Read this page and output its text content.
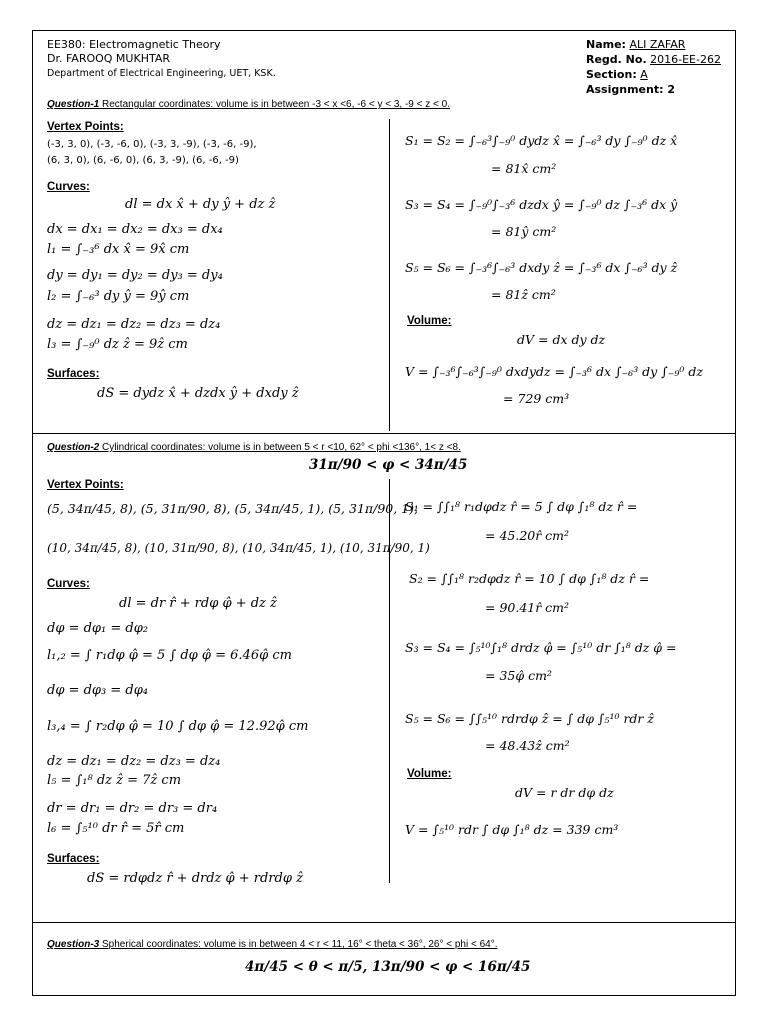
EE380: Electromagnetic Theory
Dr. FAROOQ MUKHTAR
Department of Electrical Engineering, UET, KSK.
Name: ALI ZAFAR
Regd. No. 2016-EE-262
Section: A
Assignment: 2
Question-1 Rectangular coordinates: volume is in between -3 < x <6, -6 < y < 3, -9 < z < 0.
Vertex Points:
(-3, 3, 0), (-3, -6, 0), (-3, 3, -9), (-3, -6, -9),
(6, 3, 0), (6, -6, 0), (6, 3, -9), (6, -6, -9)
Curves:
dl = dx x̂ + dy ŷ + dz ẑ
dx = dx₁ = dx₂ = dx₃ = dx₄
l₁ = ∫₋₃⁶ dx x̂ = 9x̂ cm
dy = dy₁ = dy₂ = dy₃ = dy₄
l₂ = ∫₋₆³ dy ŷ = 9ŷ cm
dz = dz₁ = dz₂ = dz₃ = dz₄
l₃ = ∫₋₉⁰ dz ẑ = 9ẑ cm
Surfaces:
dS = dydz x̂ + dzdx ŷ + dxdy ẑ
S₁ = S₂ = ∫₋₆³∫₋₉⁰ dydz x̂ = ∫₋₆³ dy ∫₋₉⁰ dz x̂
= 81x̂ cm²
S₃ = S₄ = ∫₋₉⁰∫₋₃⁶ dzdx ŷ = ∫₋₉⁰ dz ∫₋₃⁶ dx ŷ
= 81ŷ cm²
S₅ = S₆ = ∫₋₃⁶∫₋₆³ dxdy ẑ = ∫₋₃⁶ dx ∫₋₆³ dy ẑ
= 81ẑ cm²
Volume:
dV = dx dy dz
V = ∫₋₃⁶∫₋₆³∫₋₉⁰ dxdydz = ∫₋₃⁶ dx ∫₋₆³ dy ∫₋₉⁰ dz
= 729 cm³
Question-2 Cylindrical coordinates: volume is in between 5 < r <10, 62° < phi <136°, 1< z <8.
31π/90 < φ < 34π/45
Vertex Points:
(5, 34π/45, 8), (5, 31π/90, 8), (5, 34π/45, 1), (5, 31π/90, 1),
(10, 34π/45, 8), (10, 31π/90, 8), (10, 34π/45, 1), (10, 31π/90, 1)
Curves:
dl = dr r̂ + rdφ φ̂ + dz ẑ
dφ = dφ₁ = dφ₂
l₁,₂ = ∫ r₁dφ φ̂ = 5 ∫ dφ φ̂ = 6.46φ̂ cm
dφ = dφ₃ = dφ₄
l₃,₄ = ∫ r₂dφ φ̂ = 10 ∫ dφ φ̂ = 12.92φ̂ cm
dz = dz₁ = dz₂ = dz₃ = dz₄
l₅ = ∫₁⁸ dz ẑ = 7ẑ cm
dr = dr₁ = dr₂ = dr₃ = dr₄
l₆ = ∫₅¹⁰ dr r̂ = 5r̂ cm
Surfaces:
dS = rdφdz r̂ + drdz φ̂ + rdrdφ ẑ
S₁ = ∫∫₁⁸ r₁dφdz r̂ = 5 ∫ dφ ∫₁⁸ dz r̂ =
= 45.20r̂ cm²
S₂ = ∫∫₁⁸ r₂dφdz r̂ = 10 ∫ dφ ∫₁⁸ dz r̂ =
= 90.41r̂ cm²
S₃ = S₄ = ∫₅¹⁰∫₁⁸ drdz φ̂ = ∫₅¹⁰ dr ∫₁⁸ dz φ̂ =
= 35φ̂ cm²
S₅ = S₆ = ∫∫₅¹⁰ rdrdφ ẑ = ∫ dφ ∫₅¹⁰ rdr ẑ
= 48.43ẑ cm²
Volume:
dV = r dr dφ dz
V = ∫₅¹⁰ rdr ∫ dφ ∫₁⁸ dz = 339 cm³
Question-3 Spherical coordinates: volume is in between 4 < r < 11, 16° < theta < 36°, 26° < phi < 64°.
4π/45 < θ < π/5, 13π/90 < φ < 16π/45
